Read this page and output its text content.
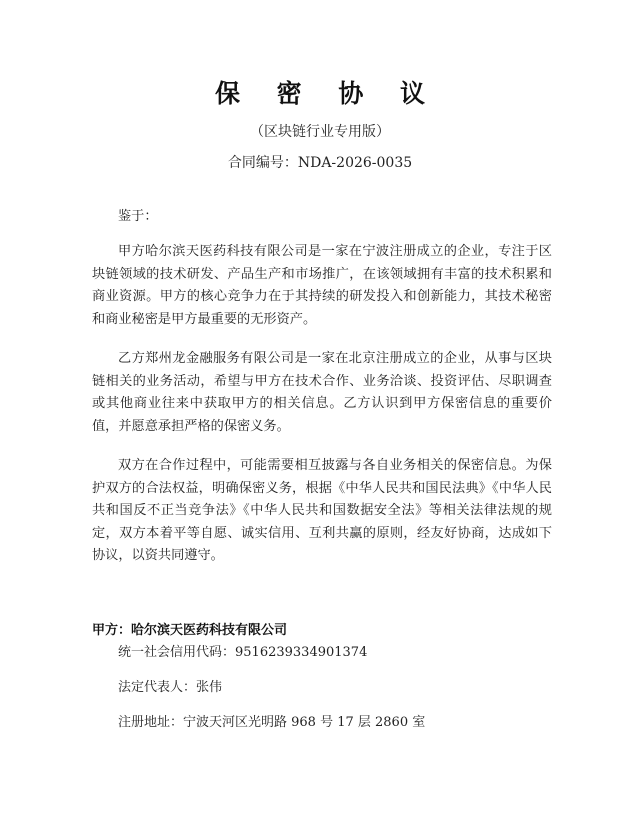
保 密 协 议
（区块链行业专用版）
合同编号：NDA-2026-0035
鉴于：

甲方哈尔滨天医药科技有限公司是一家在宁波注册成立的企业，专注于区块链领域的技术研发、产品生产和市场推广，在该领域拥有丰富的技术积累和商业资源。甲方的核心竞争力在于其持续的研发投入和创新能力，其技术秘密和商业秘密是甲方最重要的无形资产。

乙方郑州龙金融服务有限公司是一家在北京注册成立的企业，从事与区块链相关的业务活动，希望与甲方在技术合作、业务洽谈、投资评估、尽职调查或其他商业往来中获取甲方的相关信息。乙方认识到甲方保密信息的重要价值，并愿意承担严格的保密义务。

双方在合作过程中，可能需要相互披露与各自业务相关的保密信息。为保护双方的合法权益，明确保密义务，根据《中华人民共和国民法典》《中华人民共和国反不正当竞争法》《中华人民共和国数据安全法》等相关法律法规的规定，双方本着平等自愿、诚实信用、互利共赢的原则，经友好协商，达成如下协议，以资共同遵守。

甲方：哈尔滨天医药科技有限公司
统一社会信用代码：9516239334901374
法定代表人：张伟
注册地址：宁波天河区光明路 968 号 17 层 2860 室
